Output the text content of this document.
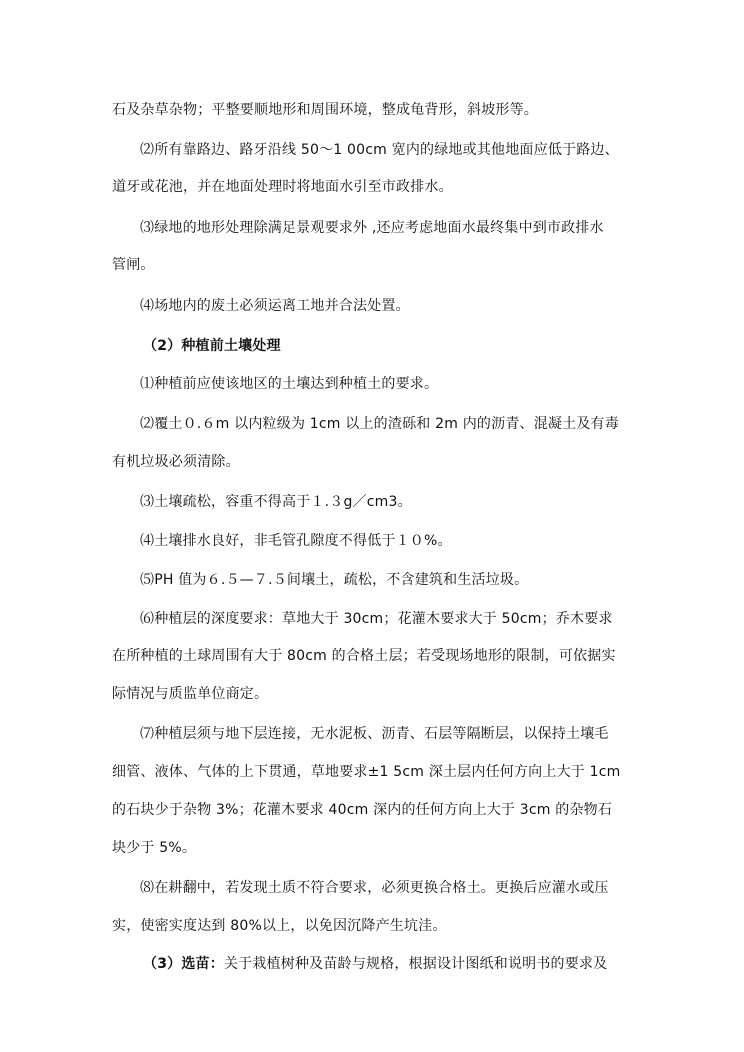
石及杂草杂物；平整要顺地形和周围环境，整成龟背形，斜坡形等。
⑵所有靠路边、路牙沿线 50～1 00cm 宽内的绿地或其他地面应低于路边、
道牙或花池，并在地面处理时将地面水引至市政排水。
⑶绿地的地形处理除满足景观要求外 ,还应考虑地面水最终集中到市政排水
管闸。
⑷场地内的废土必须运离工地并合法处置。
（2）种植前土壤处理
⑴种植前应使该地区的土壤达到种植土的要求。
⑵覆土０.６m 以内粒级为 1cm 以上的渣砾和 2m 内的沥青、混凝土及有毒
有机垃圾必须清除。
⑶土壤疏松，容重不得高于１.３g／cm3。
⑷土壤排水良好，非毛管孔隙度不得低于１０%。
⑸PH 值为６.５—７.５间壤土，疏松，不含建筑和生活垃圾。
⑹种植层的深度要求：草地大于 30cm；花灌木要求大于 50cm；乔木要求
在所种植的土球周围有大于 80cm 的合格土层；若受现场地形的限制，可依据实
际情况与质监单位商定。
⑺种植层须与地下层连接，无水泥板、沥青、石层等隔断层，以保持土壤毛
细管、液体、气体的上下贯通，草地要求±1 5cm 深土层内任何方向上大于 1cm
的石块少于杂物 3%；花灌木要求 40cm 深内的任何方向上大于 3cm 的杂物石
块少于 5%。
⑻在耕翻中，若发现土质不符合要求，必须更换合格土。更换后应灌水或压
实，使密实度达到 80%以上，以免因沉降产生坑洼。
（3）选苗：关于栽植树种及苗龄与规格，根据设计图纸和说明书的要求及
